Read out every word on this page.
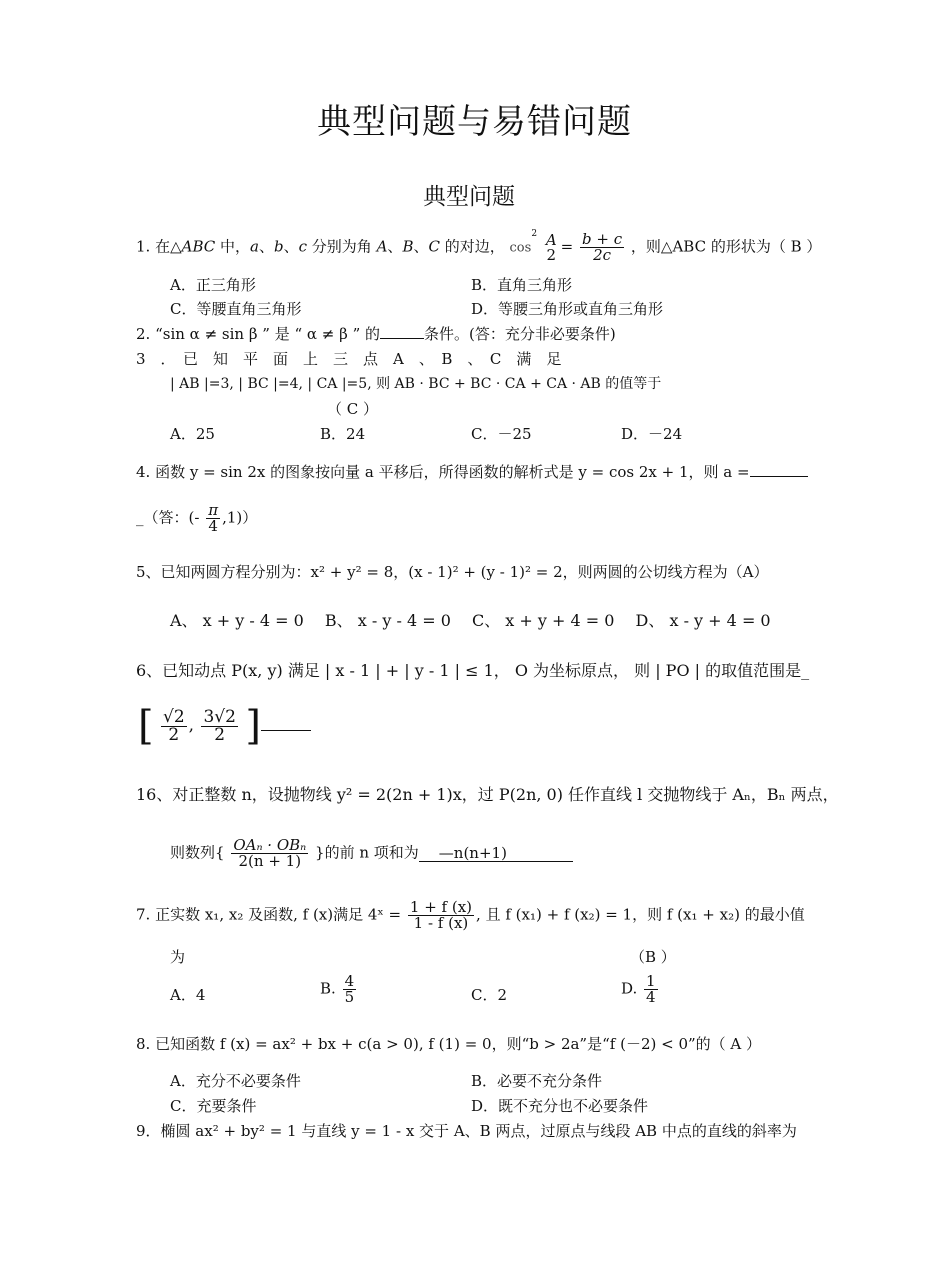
典型问题与易错问题
典型问题
1. 在△ABC 中，a、b、c 分别为角 A、B、C 的对边， $\cos^2 A$
$2 = \frac{b + c}{2c}$ ，则△ABC 的形状为（ B ）
A．正三角形	B．直角三角形
C．等腰直角三角形	D．等腰三角形或直角三角形
2. “sin α ≠ sin β ” 是 “ α ≠ β ” 的	条件。(答：充分非必要条件)
3　．　已　知　平　面　上　三　点　A　、　B　、　C　满　足
| AB |=3, | BC |=4, | CA |=5, 则 AB · BC + BC · CA + CA · AB 的值等于
（ C ）
A．25	B．24	C．－25	D．－24
4. 函数 y = sin 2x 的图象按向量 a 平移后，所得函数的解析式是 y = cos 2x + 1，则 a =
_（答：(- $\frac{\pi}{4} ,1$)）
5、已知两圆方程分别为：x² + y² = 8，(x - 1)² + (y - 1)² = 2，则两圆的公切线方程为（A）
A、 x + y - 4 = 0　 B、 x - y - 4 = 0　 C、 x + y + 4 = 0　 D、 x - y + 4 = 0
6、已知动点 P(x, y) 满足 | x - 1 | + | y - 1 | ≤ 1， O 为坐标原点， 则 | PO | 的取值范围是_
[ $\frac{√2}{2}$ , $\frac{3√2}{2}$ ]
16、对正整数 n，设抛物线 y² = 2(2n + 1)x，过 P(2n, 0) 任作直线 l 交抛物线于 Aₙ，Bₙ 两点，
则数列{ $\frac{\text{OAₙ · OBₙ}}{2(n + 1)}$ }的前 n 项和为 —n(n+1)
7. 正实数 x₁, x₂ 及函数, f (x)满足 4ˣ = $\frac{1 + f (x)}{1 - f (x)}$ , 且 f (x₁) + f (x₂) = 1，则 f (x₁ + x₂) 的最小值
为	（B ）
A．4	B. $\frac{4}{5}$	C．2	D. $\frac{1}{4}$
8. 已知函数 f (x) = ax² + bx + c(a > 0), f (1) = 0，则“b > 2a”是“f (－2) < 0”的（ A ）
A．充分不必要条件	B．必要不充分条件
C．充要条件	D．既不充分也不必要条件
9．椭圆 ax² + by² = 1 与直线 y = 1 - x 交于 A、B 两点，过原点与线段 AB 中点的直线的斜率为
